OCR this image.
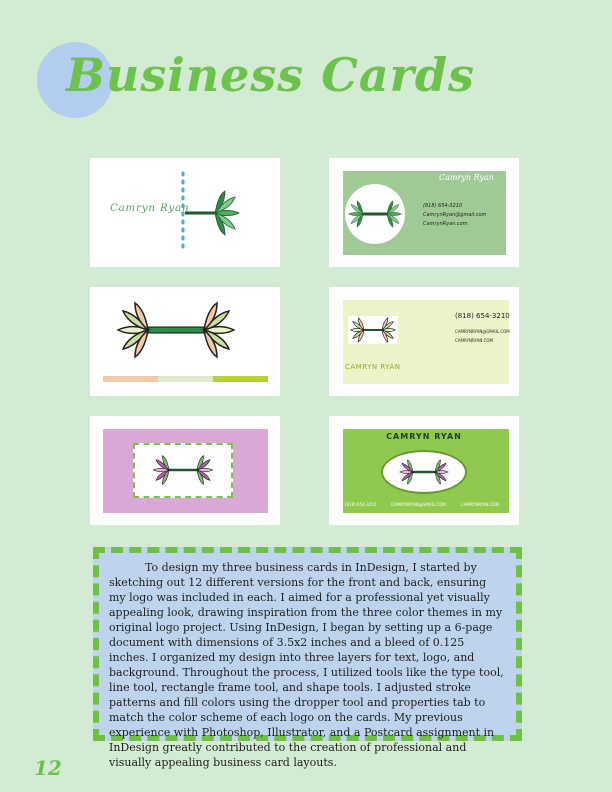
Business Cards
Camryn Ryan
Camryn Ryan
(818) 654-3210
CamrynRyan@gmail.com
CamrynRyan.com
(818) 654-3210
CAMRYNRYAN@GMAIL.COM
CAMRYNRYAN.COM
CAMRYN RYAN
CAMRYN RYAN
(818) 654-3210	CAMRYNRYAN@GMAIL.COM	CAMRYNRYAN.COM

To design my three business cards in InDesign, I started by sketching out 12 different versions for the front and back, ensuring my logo was included in each. I aimed for a professional yet visually appealing look, drawing inspiration from the three color themes in my original logo project. Using InDesign, I began by setting up a 6-page document with dimensions of 3.5x2 inches and a bleed of 0.125 inches. I organized my design into three layers for text, logo, and background. Throughout the process, I utilized tools like the type tool, line tool, rectangle frame tool, and shape tools. I adjusted stroke patterns and fill colors using the dropper tool and properties tab to match the color scheme of each logo on the cards. My previous experience with Photoshop, Illustrator, and a Postcard assignment in InDesign greatly contributed to the creation of professional and visually appealing business card layouts.

12
